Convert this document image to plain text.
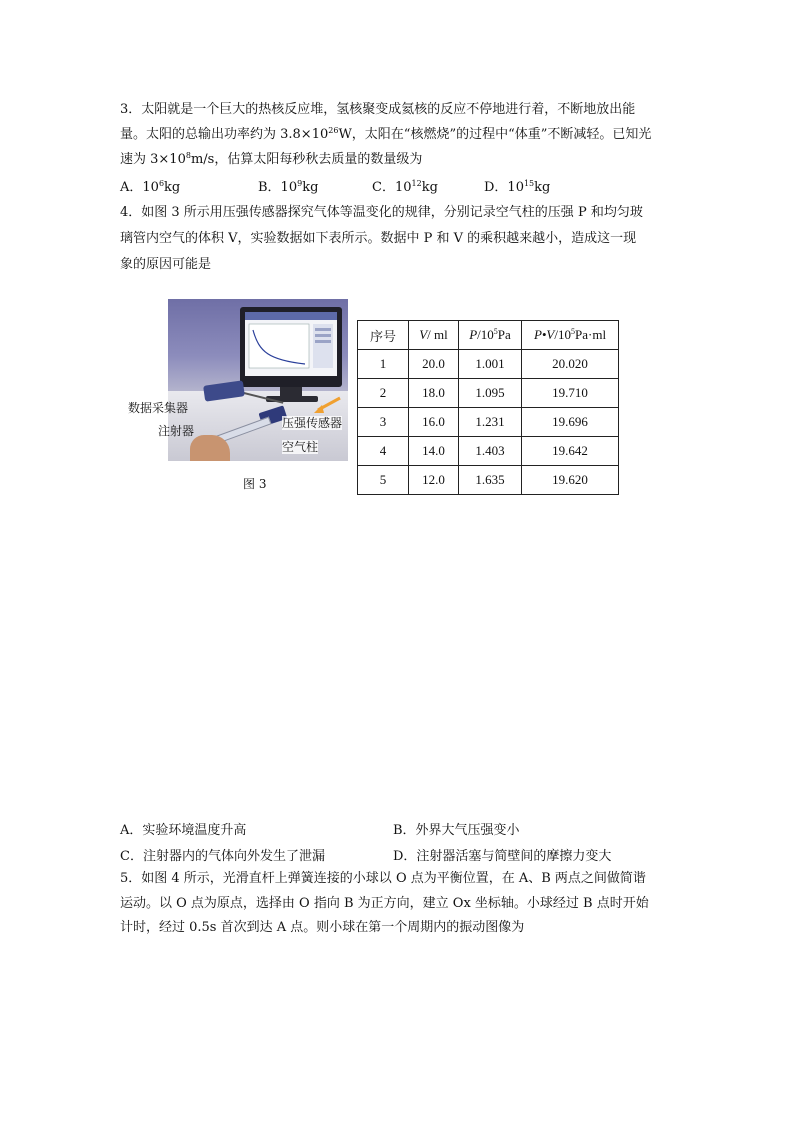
3．太阳就是一个巨大的热核反应堆，氢核聚变成氦核的反应不停地进行着，不断地放出能
量。太阳的总输出功率约为 $3.8\times 10^{26}W$，太阳在“核燃烧”的过程中“体重”不断减轻。已知光
速为 $3\times 10^8m/s$，估算太阳每秒秋去质量的数量级为
A．$10^6kg$	B．$10^9kg$	C．$10^{12}kg$	D．$10^{15}kg$
4．如图 3 所示用压强传感器探究气体等温变化的规律，分别记录空气柱的压强 P 和均匀玻
璃管内空气的体积 V，实验数据如下表所示。数据中 P 和 V 的乘积越来越小，造成这一现
象的原因可能是
数据采集器
注射器
压强传感器
空气柱
图 3
序号	V/ ml	$P/10^5Pa$	$P•V/10^5Pa\cdot ml$
1	20.0	1.001	20.020
2	18.0	1.095	19.710
3	16.0	1.231	19.696
4	14.0	1.403	19.642
5	12.0	1.635	19.620
A．实验环境温度升高	B．外界大气压强变小
C．注射器内的气体向外发生了泄漏	D．注射器活塞与简壁间的摩擦力变大
5．如图 4 所示，光滑直杆上弹簧连接的小球以 O 点为平衡位置，在 A、B 两点之间做简谐
运动。以 O 点为原点，选择由 O 指向 B 为正方向，建立 Ox 坐标轴。小球经过 B 点时开始
计时，经过 0.5s 首次到达 A 点。则小球在第一个周期内的振动图像为
